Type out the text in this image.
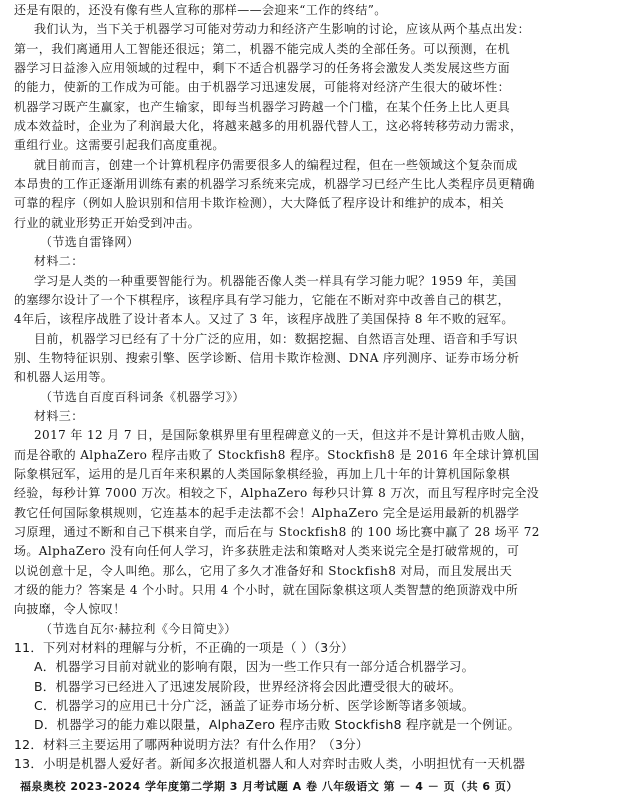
还是有限的，还没有像有些人宣称的那样——会迎来“工作的终结”。
我们认为，当下关于机器学习可能对劳动力和经济产生影响的讨论，应该从两个基点出发：
第一，我们离通用人工智能还很远；第二，机器不能完成人类的全部任务。可以预测，在机
器学习日益渗入应用领域的过程中，剩下不适合机器学习的任务将会激发人类发展这些方面
的能力，使新的工作成为可能。由于机器学习迅速发展，可能将对经济产生很大的破坏性：
机器学习既产生赢家，也产生输家，即每当机器学习跨越一个门槛，在某个任务上比人更具
成本效益时，企业为了利润最大化，将越来越多的用机器代替人工，这必将转移劳动力需求，
重组行业。这需要引起我们高度重视。
就目前而言，创建一个计算机程序仍需要很多人的编程过程，但在一些领域这个复杂而成
本昂贵的工作正逐渐用训练有素的机器学习系统来完成，机器学习已经产生比人类程序员更精确
可靠的程序（例如人脸识别和信用卡欺诈检测），大大降低了程序设计和维护的成本，相关
行业的就业形势正开始受到冲击。
（节选自雷锋网）
材料二：
学习是人类的一种重要智能行为。机器能否像人类一样具有学习能力呢？1959 年，美国
的塞缪尔设计了一个下棋程序，该程序具有学习能力，它能在不断对弈中改善自己的棋艺，
4年后，该程序战胜了设计者本人。又过了 3 年，该程序战胜了美国保持 8 年不败的冠军。
目前，机器学习已经有了十分广泛的应用，如：数据挖掘、自然语言处理、语音和手写识
别、生物特征识别、搜索引擎、医学诊断、信用卡欺诈检测、DNA 序列测序、证券市场分析
和机器人运用等。
（节选自百度百科词条《机器学习》）
材料三：
2017 年 12 月 7 日，是国际象棋界里有里程碑意义的一天，但这并不是计算机击败人脑，
而是谷歌的 AlphaZero 程序击败了 Stockfish8 程序。Stockfish8 是 2016 年全球计算机国
际象棋冠军，运用的是几百年来积累的人类国际象棋经验，再加上几十年的计算机国际象棋
经验，每秒计算 7000 万次。相较之下，AlphaZero 每秒只计算 8 万次，而且写程序时完全没
教它任何国际象棋规则，它连基本的起手走法都不会！AlphaZero 完全是运用最新的机器学
习原理，通过不断和自己下棋来自学，而后在与 Stockfish8 的 100 场比赛中赢了 28 场平 72
场。AlphaZero 没有向任何人学习，许多获胜走法和策略对人类来说完全是打破常规的，可
以说创意十足，令人叫绝。那么，它用了多久才准备好和 Stockfish8 对局，而且发展出天
才级的能力？答案是 4 个小时。只用 4 个小时，就在国际象棋这项人类智慧的绝顶游戏中所
向披靡，令人惊叹！
（节选自瓦尔·赫拉利《今日简史》）
11．下列对材料的理解与分析，不正确的一项是（ ）（3分）
A．机器学习目前对就业的影响有限，因为一些工作只有一部分适合机器学习。
B．机器学习已经进入了迅速发展阶段，世界经济将会因此遭受很大的破坏。
C．机器学习的应用已十分广泛，涵盖了证券市场分析、医学诊断等诸多领域。
D．机器学习的能力难以限量，AlphaZero 程序击败 Stockfish8 程序就是一个例证。
12．材料三主要运用了哪两种说明方法？有什么作用？（3分）
13．小明是机器人爱好者。新闻多次报道机器人和人对弈时击败人类，小明担忧有一天机器
福泉奥校 2023-2024 学年度第二学期 3 月考试题 A 卷 八年级语文 第 － 4 － 页（共 6 页）
